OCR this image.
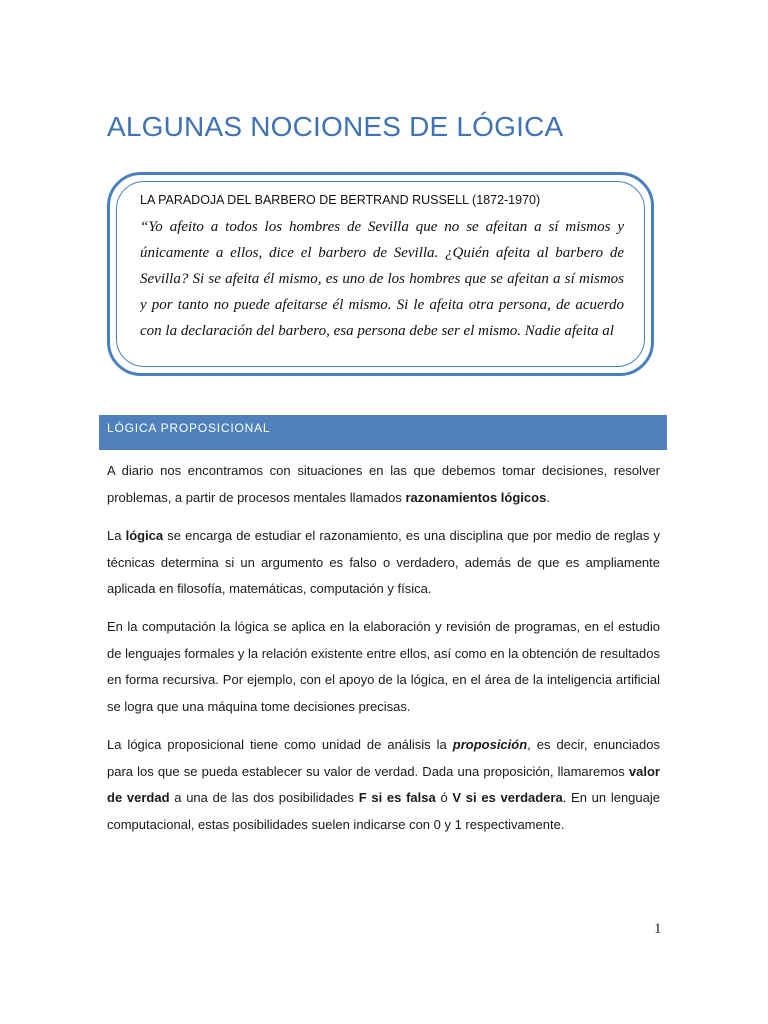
ALGUNAS NOCIONES DE LÓGICA
LA PARADOJA DEL BARBERO DE BERTRAND RUSSELL (1872-1970)
“Yo afeito a todos los hombres de Sevilla que no se afeitan a sí mismos y únicamente a ellos, dice el barbero de Sevilla. ¿Quién afeita al barbero de Sevilla? Si se afeita él mismo, es uno de los hombres que se afeitan a sí mismos y por tanto no puede afeitarse él mismo. Si le afeita otra persona, de acuerdo con la declaración del barbero, esa persona debe ser el mismo. Nadie afeita al
LÓGICA PROPOSICIONAL

A diario nos encontramos con situaciones en las que debemos tomar decisiones, resolver problemas, a partir de procesos mentales llamados razonamientos lógicos.

La lógica se encarga de estudiar el razonamiento, es una disciplina que por medio de reglas y técnicas determina si un argumento es falso o verdadero, además de que es ampliamente aplicada en filosofía, matemáticas, computación y física.

En la computación la lógica se aplica en la elaboración y revisión de programas, en el estudio de lenguajes formales y la relación existente entre ellos, así como en la obtención de resultados en forma recursiva. Por ejemplo, con el apoyo de la lógica, en el área de la inteligencia artificial se logra que una máquina tome decisiones precisas.

La lógica proposicional tiene como unidad de análisis la proposición, es decir, enunciados para los que se pueda establecer su valor de verdad. Dada una proposición, llamaremos valor de verdad a una de las dos posibilidades F si es falsa ó V si es verdadera. En un lenguaje computacional, estas posibilidades suelen indicarse con 0 y 1 respectivamente.

1
